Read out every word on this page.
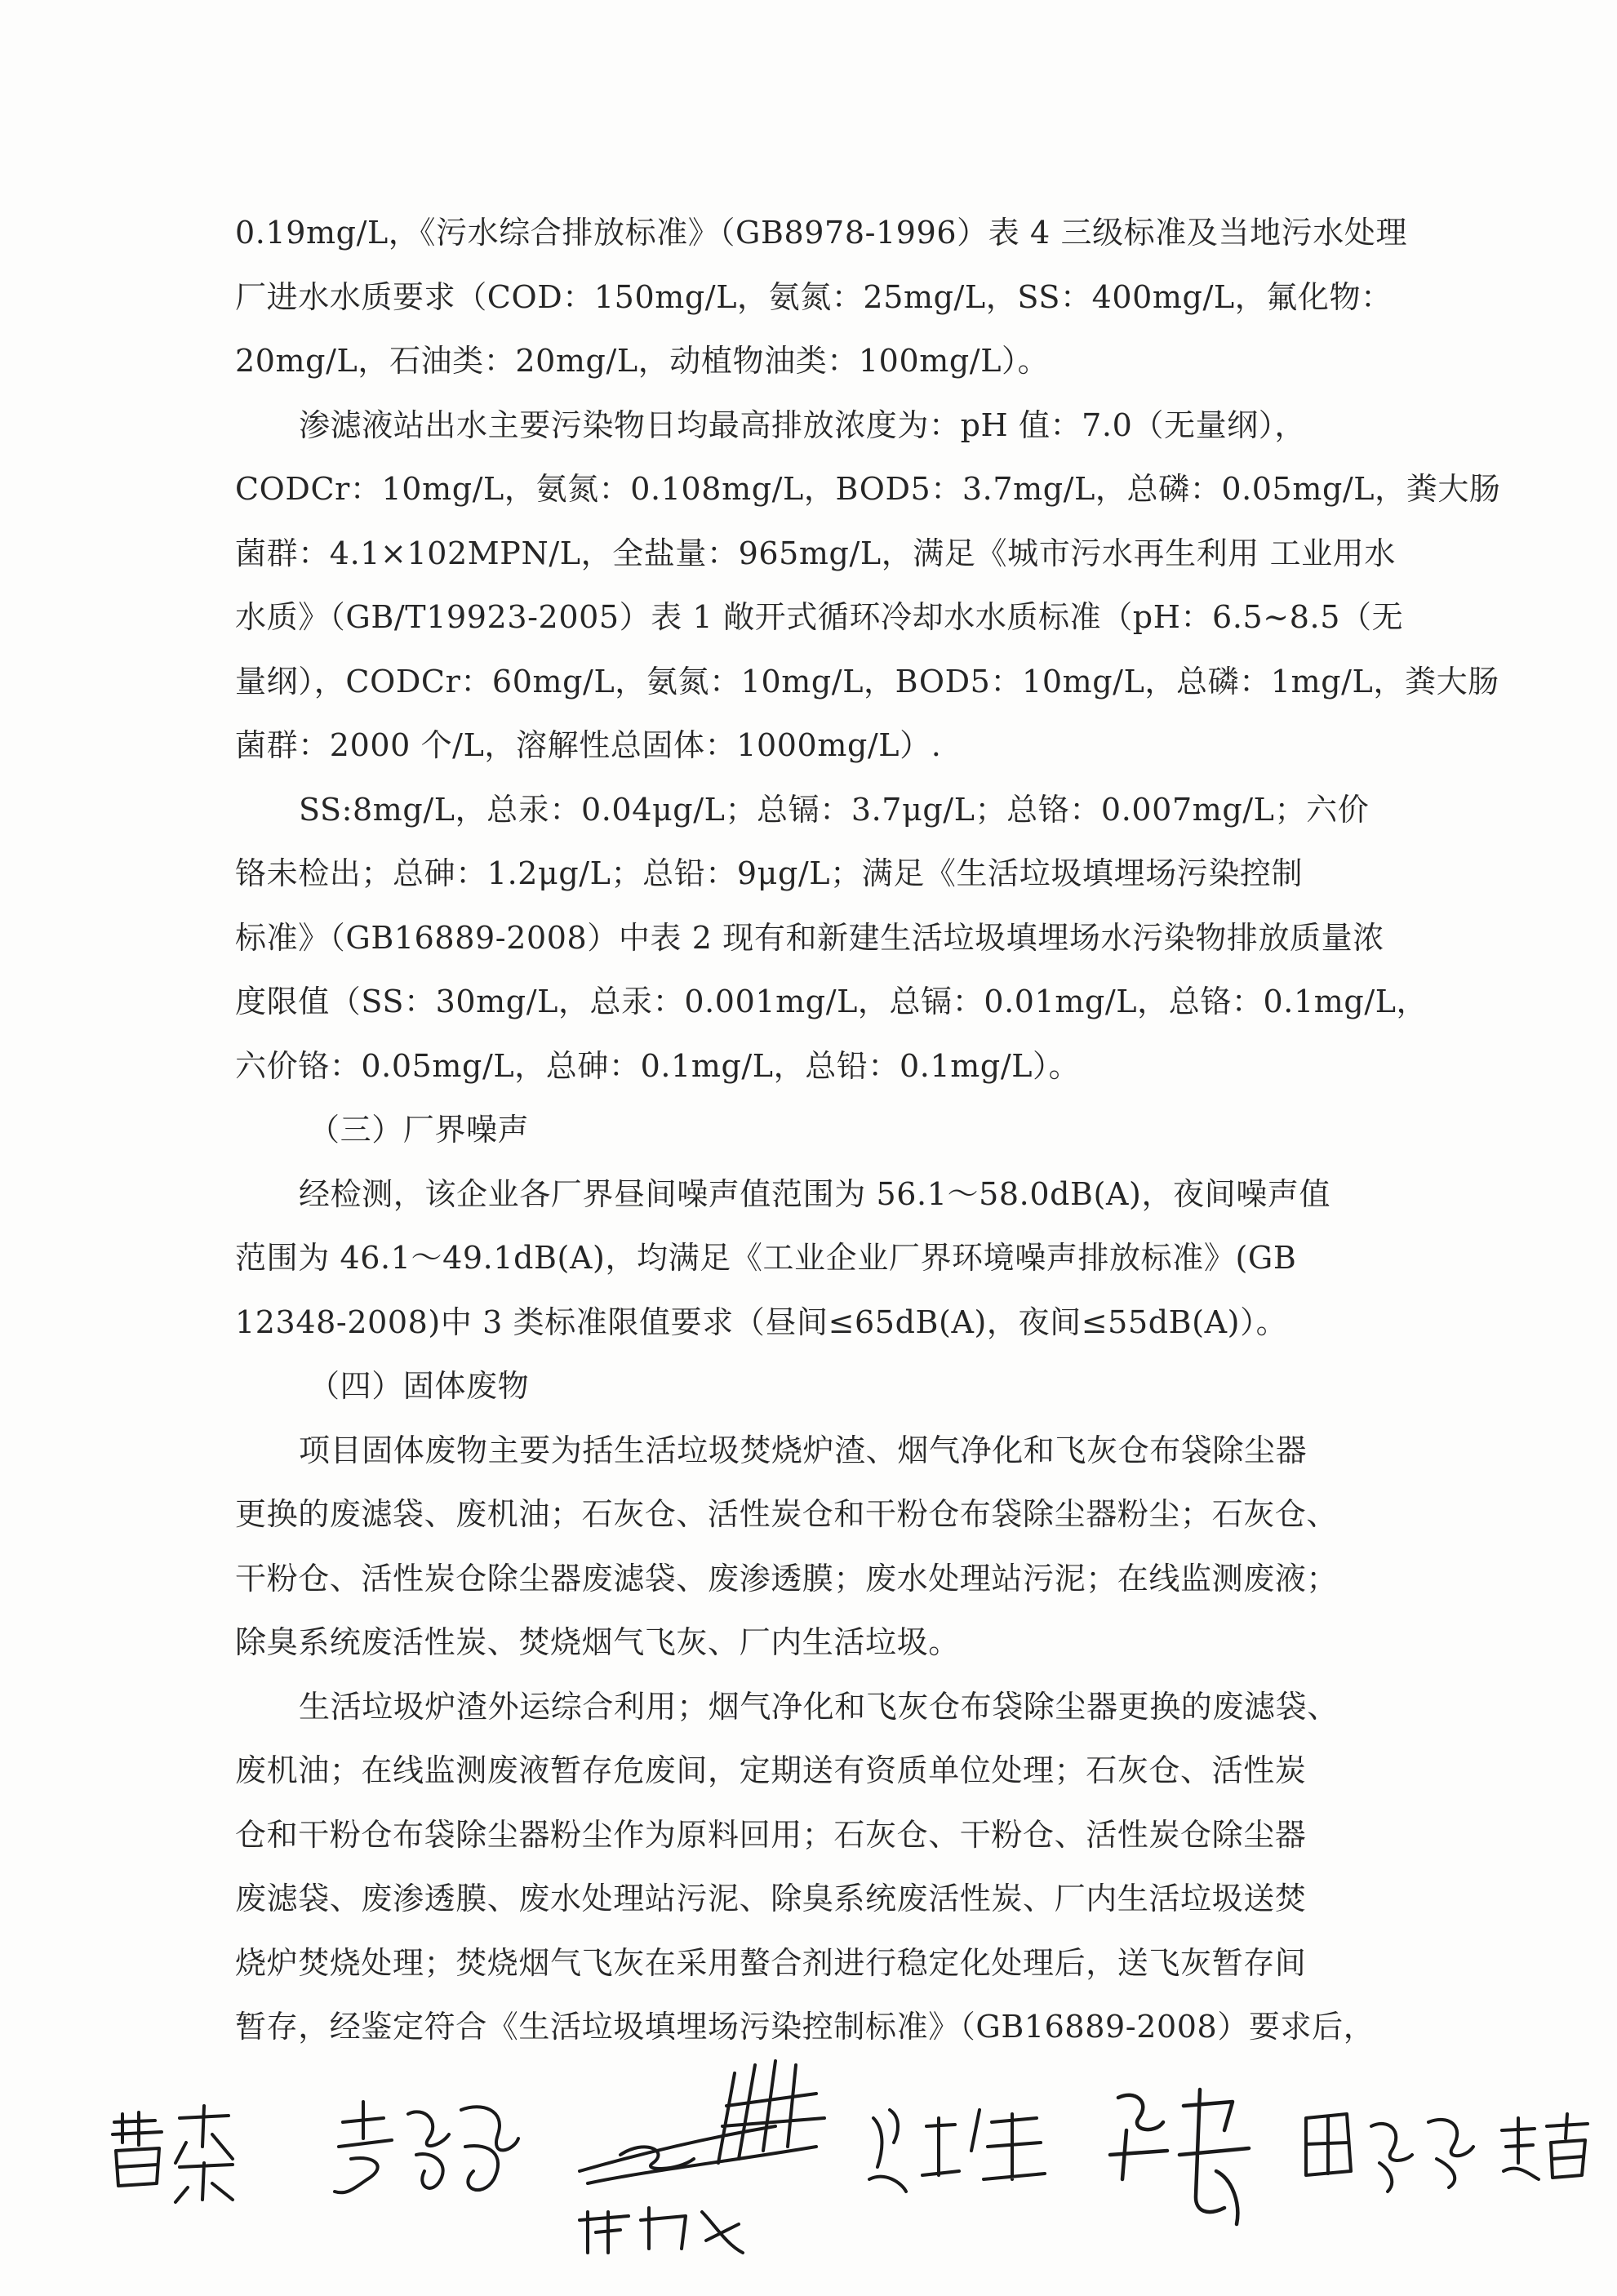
0.19mg/L，《污水综合排放标准》（GB8978-1996）表 4 三级标准及当地污水处理
厂进水水质要求（COD：150mg/L，氨氮：25mg/L，SS：400mg/L，氟化物：
20mg/L，石油类：20mg/L，动植物油类：100mg/L）。
渗滤液站出水主要污染物日均最高排放浓度为：pH 值：7.0（无量纲），
CODCr：10mg/L，氨氮：0.108mg/L，BOD5：3.7mg/L，总磷：0.05mg/L，粪大肠
菌群：4.1×102MPN/L，全盐量：965mg/L，满足《城市污水再生利用 工业用水
水质》（GB/T19923-2005）表 1 敞开式循环冷却水水质标准（pH：6.5~8.5（无
量纲），CODCr：60mg/L，氨氮：10mg/L，BOD5：10mg/L，总磷：1mg/L，粪大肠
菌群：2000 个/L，溶解性总固体：1000mg/L）.
SS:8mg/L，总汞：0.04μg/L；总镉：3.7μg/L；总铬：0.007mg/L；六价
铬未检出；总砷：1.2μg/L；总铅：9μg/L；满足《生活垃圾填埋场污染控制
标准》（GB16889-2008）中表 2 现有和新建生活垃圾填埋场水污染物排放质量浓
度限值（SS：30mg/L，总汞：0.001mg/L，总镉：0.01mg/L，总铬：0.1mg/L，
六价铬：0.05mg/L，总砷：0.1mg/L，总铅：0.1mg/L）。
（三）厂界噪声
经检测，该企业各厂界昼间噪声值范围为 56.1～58.0dB(A)，夜间噪声值
范围为 46.1～49.1dB(A)，均满足《工业企业厂界环境噪声排放标准》(GB
12348-2008)中 3 类标准限值要求（昼间≤65dB(A)，夜间≤55dB(A)）。
（四）固体废物
项目固体废物主要为括生活垃圾焚烧炉渣、烟气净化和飞灰仓布袋除尘器
更换的废滤袋、废机油；石灰仓、活性炭仓和干粉仓布袋除尘器粉尘；石灰仓、
干粉仓、活性炭仓除尘器废滤袋、废渗透膜；废水处理站污泥；在线监测废液；
除臭系统废活性炭、焚烧烟气飞灰、厂内生活垃圾。
生活垃圾炉渣外运综合利用；烟气净化和飞灰仓布袋除尘器更换的废滤袋、
废机油；在线监测废液暂存危废间，定期送有资质单位处理；石灰仓、活性炭
仓和干粉仓布袋除尘器粉尘作为原料回用；石灰仓、干粉仓、活性炭仓除尘器
废滤袋、废渗透膜、废水处理站污泥、除臭系统废活性炭、厂内生活垃圾送焚
烧炉焚烧处理；焚烧烟气飞灰在采用螯合剂进行稳定化处理后，送飞灰暂存间
暂存，经鉴定符合《生活垃圾填埋场污染控制标准》（GB16889-2008）要求后，
